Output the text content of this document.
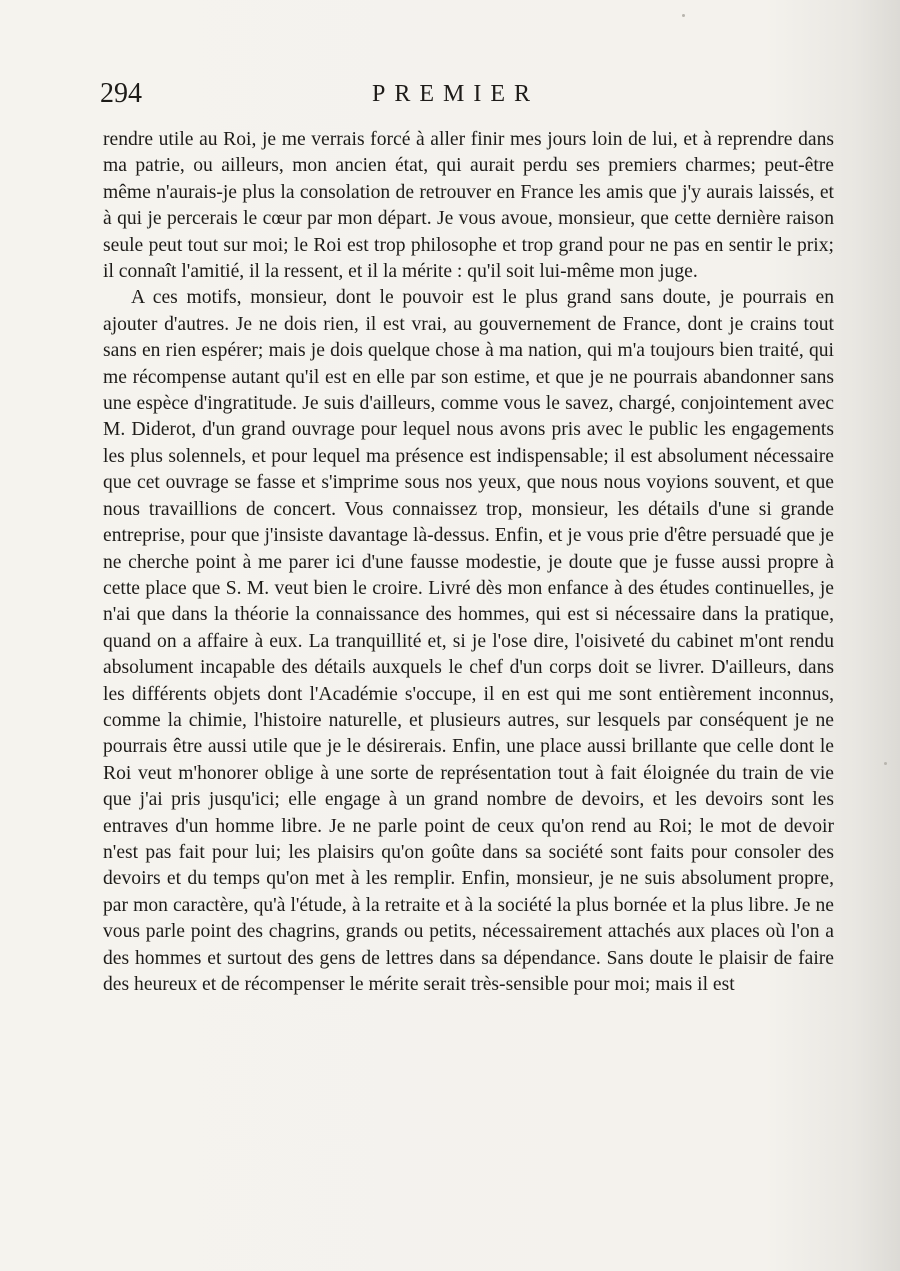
294	PREMIER

rendre utile au Roi, je me verrais forcé à aller finir mes jours loin de lui, et à reprendre dans ma patrie, ou ailleurs, mon ancien état, qui aurait perdu ses premiers charmes; peut-être même n'aurais-je plus la consolation de retrouver en France les amis que j'y aurais laissés, et à qui je percerais le cœur par mon départ. Je vous avoue, monsieur, que cette dernière raison seule peut tout sur moi; le Roi est trop philosophe et trop grand pour ne pas en sentir le prix; il connaît l'amitié, il la ressent, et il la mérite : qu'il soit lui-même mon juge.

A ces motifs, monsieur, dont le pouvoir est le plus grand sans doute, je pourrais en ajouter d'autres. Je ne dois rien, il est vrai, au gouvernement de France, dont je crains tout sans en rien espérer; mais je dois quelque chose à ma nation, qui m'a toujours bien traité, qui me récompense autant qu'il est en elle par son estime, et que je ne pourrais abandonner sans une espèce d'ingratitude. Je suis d'ailleurs, comme vous le savez, chargé, conjointement avec M. Diderot, d'un grand ouvrage pour lequel nous avons pris avec le public les engagements les plus solennels, et pour lequel ma présence est indispensable; il est absolument nécessaire que cet ouvrage se fasse et s'imprime sous nos yeux, que nous nous voyions souvent, et que nous travaillions de concert. Vous connaissez trop, monsieur, les détails d'une si grande entreprise, pour que j'insiste davantage là-dessus. Enfin, et je vous prie d'être persuadé que je ne cherche point à me parer ici d'une fausse modestie, je doute que je fusse aussi propre à cette place que S. M. veut bien le croire. Livré dès mon enfance à des études continuelles, je n'ai que dans la théorie la connaissance des hommes, qui est si nécessaire dans la pratique, quand on a affaire à eux. La tranquillité et, si je l'ose dire, l'oisiveté du cabinet m'ont rendu absolument incapable des détails auxquels le chef d'un corps doit se livrer. D'ailleurs, dans les différents objets dont l'Académie s'occupe, il en est qui me sont entièrement inconnus, comme la chimie, l'histoire naturelle, et plusieurs autres, sur lesquels par conséquent je ne pourrais être aussi utile que je le désirerais. Enfin, une place aussi brillante que celle dont le Roi veut m'honorer oblige à une sorte de représentation tout à fait éloignée du train de vie que j'ai pris jusqu'ici; elle engage à un grand nombre de devoirs, et les devoirs sont les entraves d'un homme libre. Je ne parle point de ceux qu'on rend au Roi; le mot de devoir n'est pas fait pour lui; les plaisirs qu'on goûte dans sa société sont faits pour consoler des devoirs et du temps qu'on met à les remplir. Enfin, monsieur, je ne suis absolument propre, par mon caractère, qu'à l'étude, à la retraite et à la société la plus bornée et la plus libre. Je ne vous parle point des chagrins, grands ou petits, nécessairement attachés aux places où l'on a des hommes et surtout des gens de lettres dans sa dépendance. Sans doute le plaisir de faire des heureux et de récompenser le mérite serait très-sensible pour moi; mais il est
